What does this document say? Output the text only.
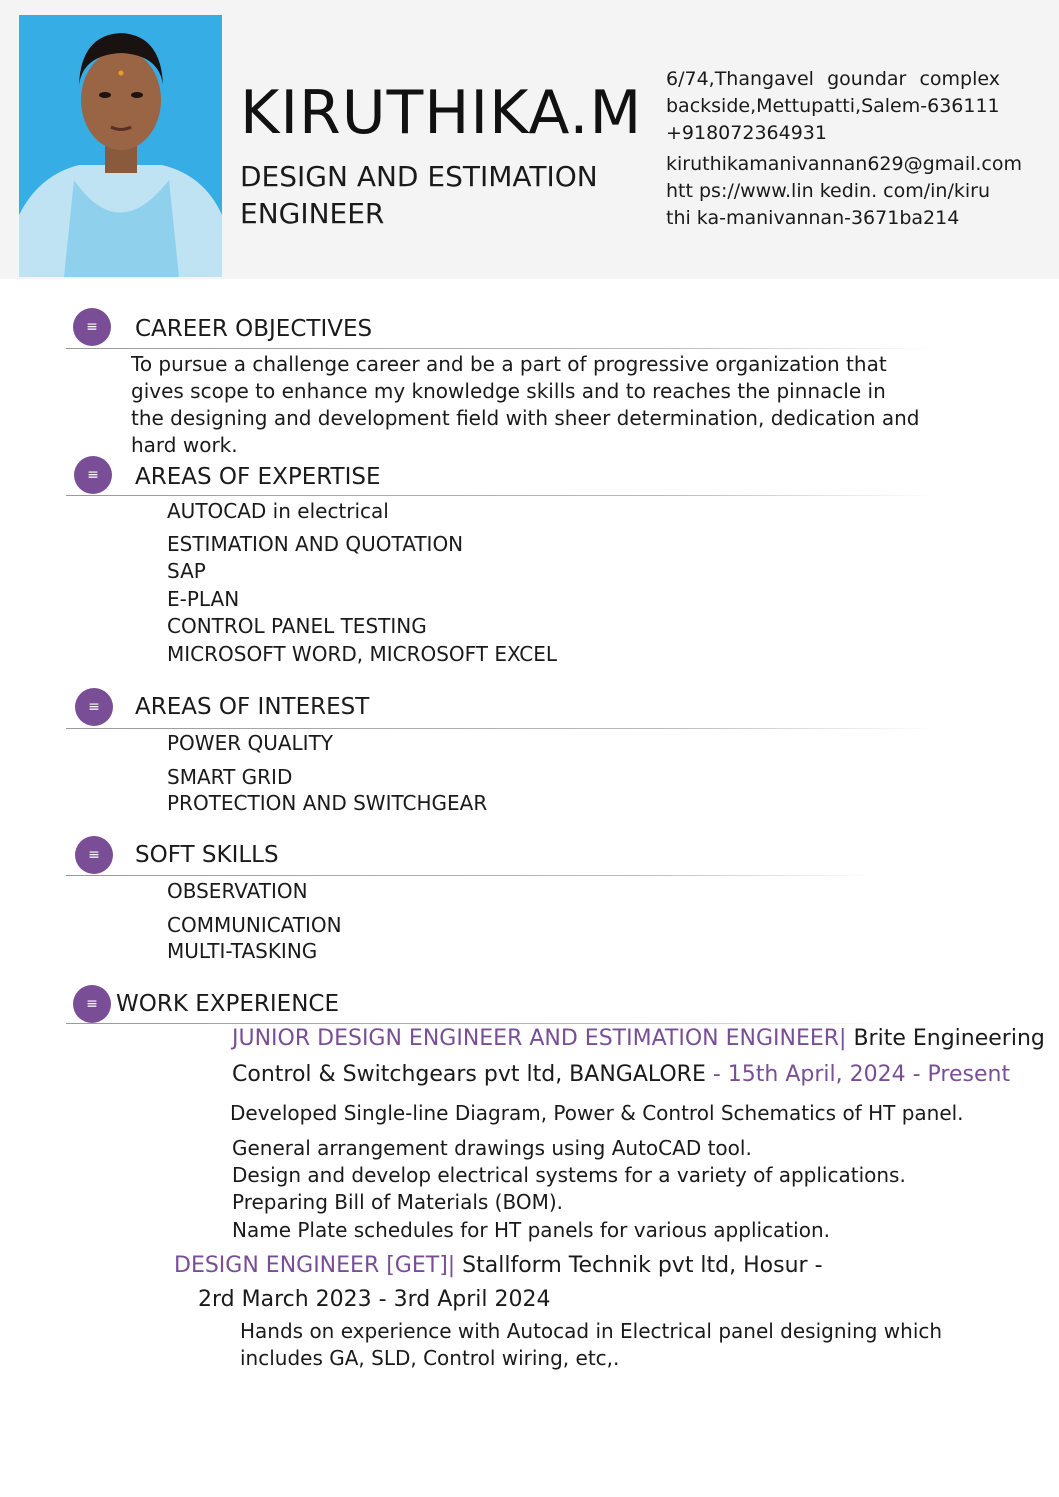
KIRUTHIKA.M
DESIGN AND ESTIMATION ENGINEER
6/74,Thangavel goundar complex backside,Mettupatti,Salem-636111
+918072364931
kiruthikamanivannan629@gmail.com
htt ps://www.lin kedin. com/in/kiru thi ka-manivannan-3671ba214
≡ CAREER OBJECTIVES
To pursue a challenge career and be a part of progressive organization that gives scope to enhance my knowledge skills and to reaches the pinnacle in the designing and development field with sheer determination, dedication and hard work.
≡ AREAS OF EXPERTISE
AUTOCAD in electrical
ESTIMATION AND QUOTATION
SAP
E-PLAN
CONTROL PANEL TESTING
MICROSOFT WORD, MICROSOFT EXCEL
≡ AREAS OF INTEREST
POWER QUALITY
SMART GRID
PROTECTION AND SWITCHGEAR
≡ SOFT SKILLS
OBSERVATION
COMMUNICATION
MULTI-TASKING
≡ WORK EXPERIENCE
JUNIOR DESIGN ENGINEER AND ESTIMATION ENGINEER| Brite Engineering
Control & Switchgears pvt ltd, BANGALORE - 15th April, 2024 - Present
Developed Single-line Diagram, Power & Control Schematics of HT panel.
General arrangement drawings using AutoCAD tool.
Design and develop electrical systems for a variety of applications.
Preparing Bill of Materials (BOM).
Name Plate schedules for HT panels for various application.
DESIGN ENGINEER [GET]| Stallform Technik pvt ltd, Hosur -
2rd March 2023 - 3rd April 2024
Hands on experience with Autocad in Electrical panel designing which
includes GA, SLD, Control wiring, etc,.
